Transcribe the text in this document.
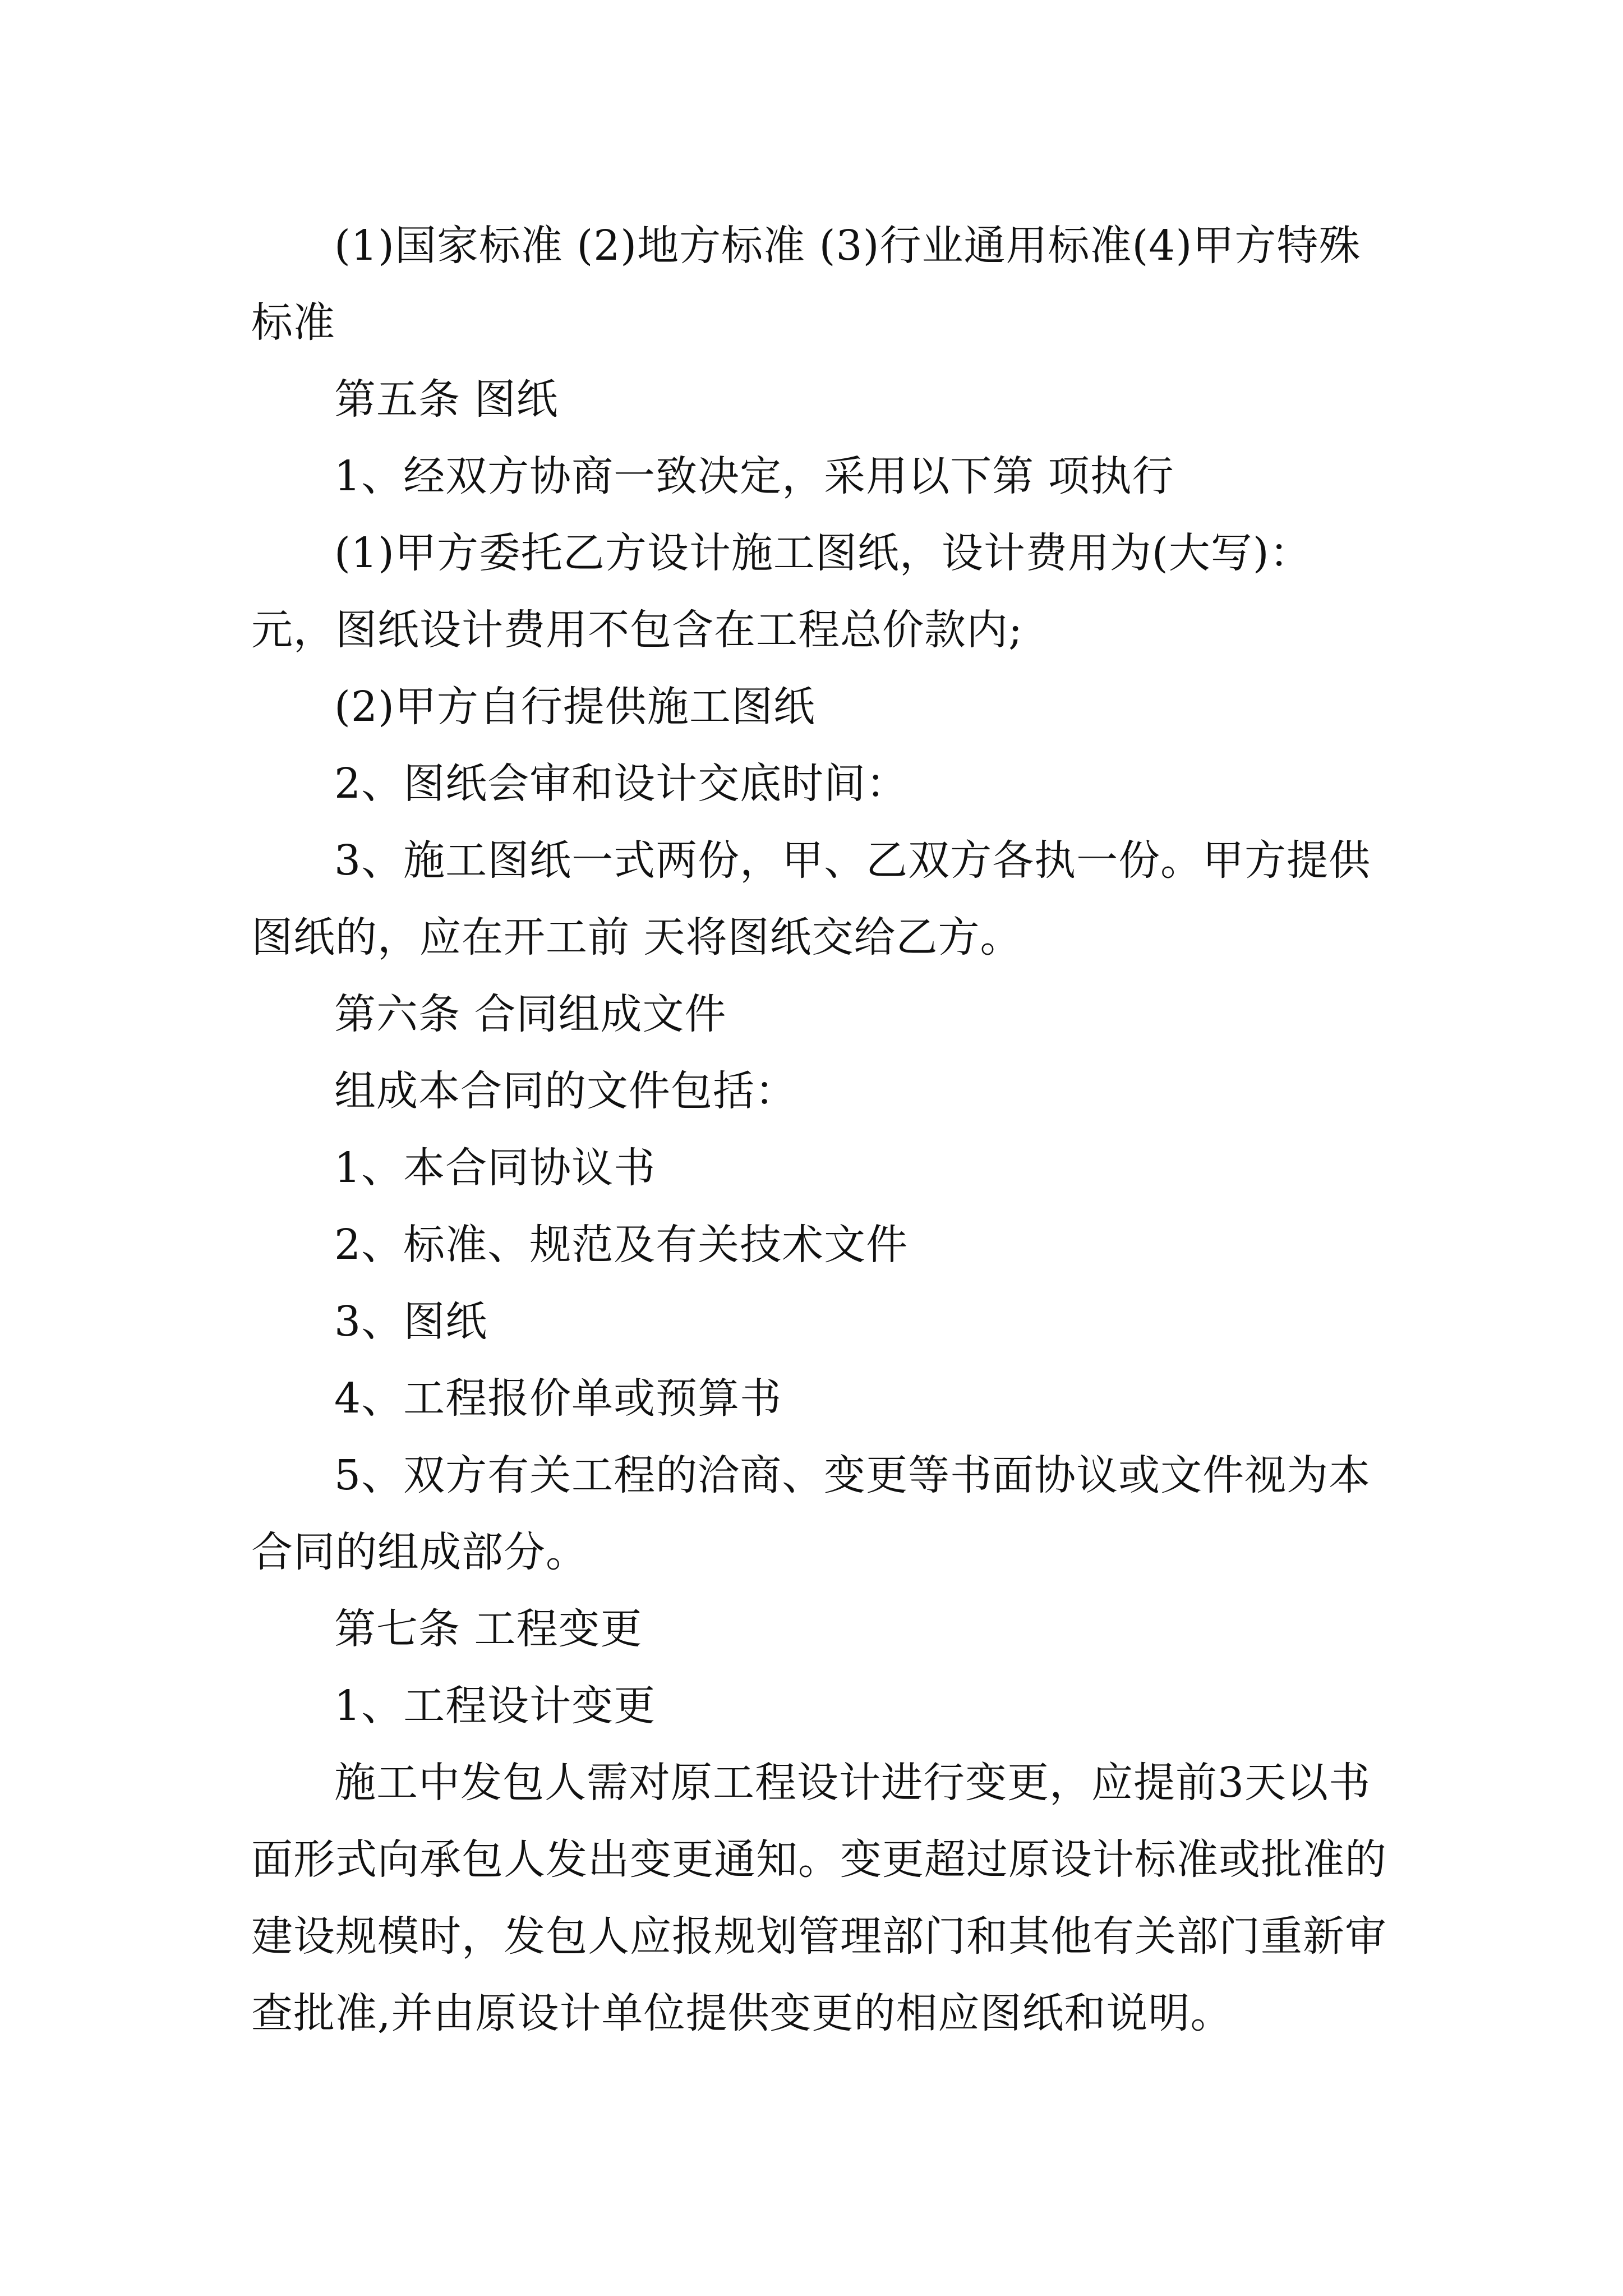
(1)国家标准 (2)地方标准 (3)行业通用标准(4)甲方特殊标准

第五条 图纸

1、经双方协商一致决定，采用以下第 项执行

(1)甲方委托乙方设计施工图纸，设计费用为(大写)：元，图纸设计费用不包含在工程总价款内;

(2)甲方自行提供施工图纸

2、图纸会审和设计交底时间：

3、施工图纸一式两份，甲、乙双方各执一份。甲方提供图纸的，应在开工前 天将图纸交给乙方。

第六条 合同组成文件

组成本合同的文件包括：

1、本合同协议书

2、标准、规范及有关技术文件

3、图纸

4、工程报价单或预算书

5、双方有关工程的洽商、变更等书面协议或文件视为本合同的组成部分。

第七条 工程变更

1、工程设计变更

施工中发包人需对原工程设计进行变更，应提前3天以书面形式向承包人发出变更通知。变更超过原设计标准或批准的建设规模时，发包人应报规划管理部门和其他有关部门重新审查批准,并由原设计单位提供变更的相应图纸和说明。
